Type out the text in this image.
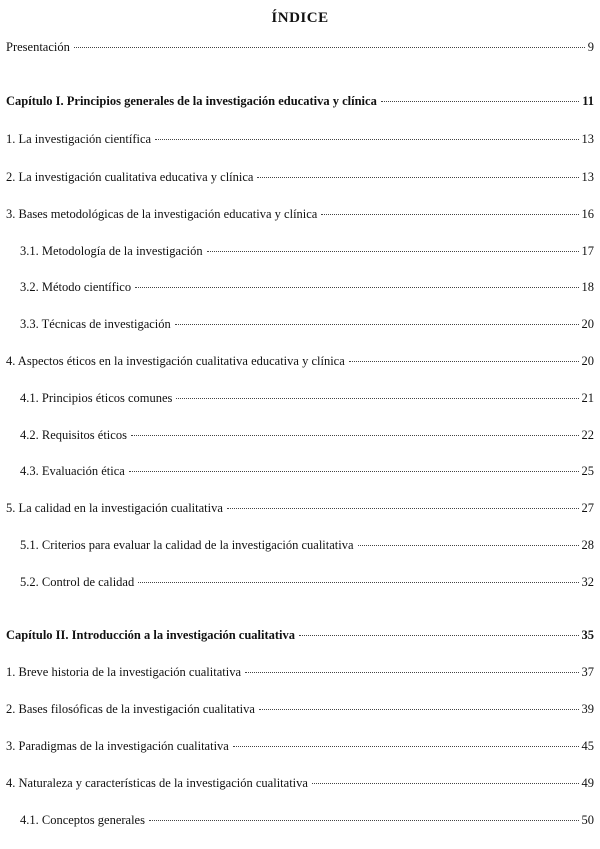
ÍNDICE
Presentación	9
Capítulo I. Principios generales de la investigación educativa y clínica	11
1. La investigación científica	13
2. La investigación cualitativa educativa y clínica	13
3. Bases metodológicas de la investigación educativa y clínica	16
3.1. Metodología de la investigación	17
3.2. Método científico	18
3.3. Técnicas de investigación	20
4. Aspectos éticos en la investigación cualitativa educativa y clínica	20
4.1. Principios éticos comunes	21
4.2. Requisitos éticos	22
4.3. Evaluación ética	25
5. La calidad en la investigación cualitativa	27
5.1. Criterios para evaluar la calidad de la investigación cualitativa	28
5.2. Control de calidad	32
Capítulo II. Introducción a la investigación cualitativa	35
1. Breve historia de la investigación cualitativa	37
2. Bases filosóficas de la investigación cualitativa	39
3. Paradigmas de la investigación cualitativa	45
4. Naturaleza y características de la investigación cualitativa	49
4.1. Conceptos generales	50
